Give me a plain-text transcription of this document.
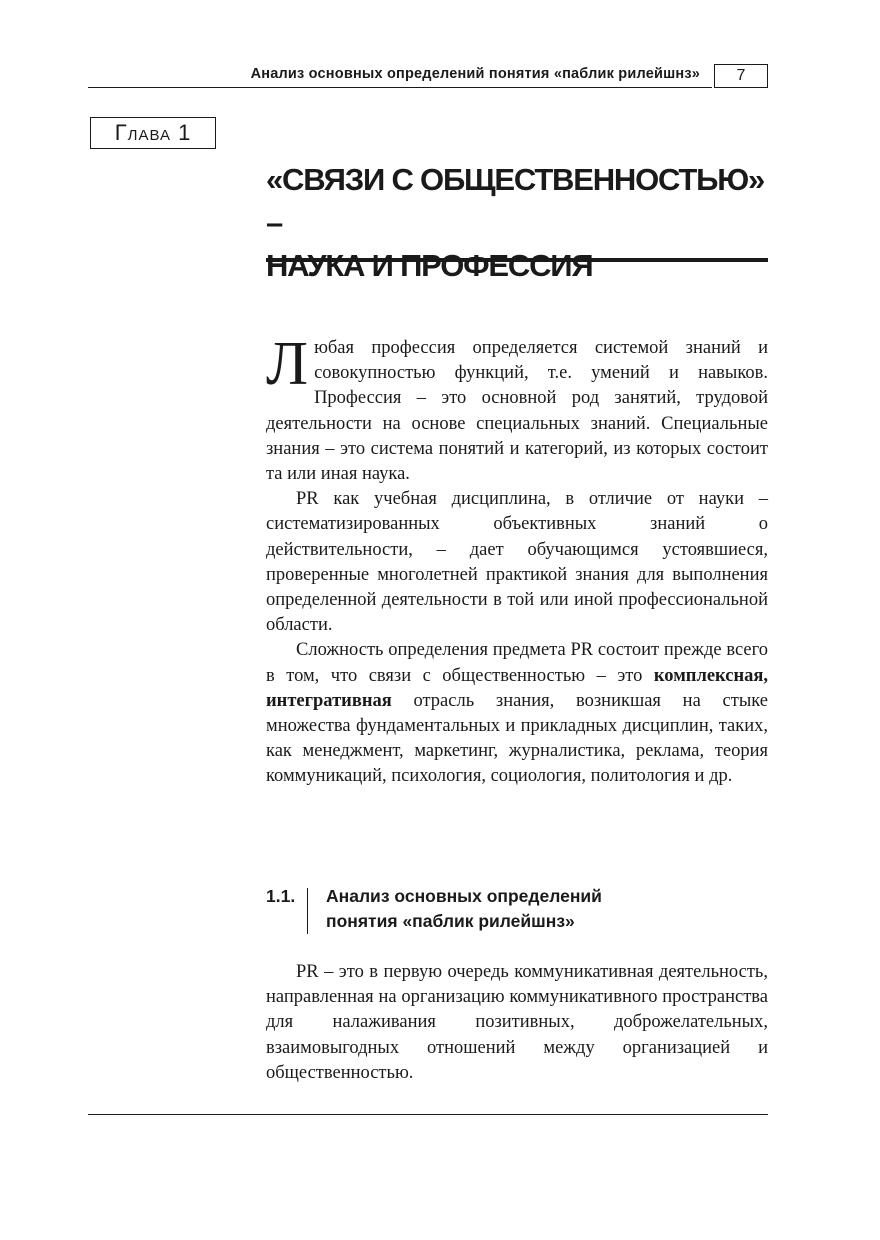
Анализ основных определений понятия «паблик рилейшнз»	7
Глава 1
«СВЯЗИ С ОБЩЕСТВЕННОСТЬЮ» –
НАУКА И ПРОФЕССИЯ

Любая профессия определяется системой знаний и совокупностью функций, т.е. умений и навыков. Профессия – это основной род занятий, трудовой деятельности на основе специальных знаний. Специальные знания – это система понятий и категорий, из которых состоит та или иная наука.

PR как учебная дисциплина, в отличие от науки – систематизированных объективных знаний о действительности, – дает обучающимся устоявшиеся, проверенные многолетней практикой знания для выполнения определенной деятельности в той или иной профессиональной области.

Сложность определения предмета PR состоит прежде всего в том, что связи с общественностью – это комплексная, интегративная отрасль знания, возникшая на стыке множества фундаментальных и прикладных дисциплин, таких, как менеджмент, маркетинг, журналистика, реклама, теория коммуникаций, психология, социология, политология и др.

1.1. Анализ основных определений
понятия «паблик рилейшнз»

PR – это в первую очередь коммуникативная деятельность, направленная на организацию коммуникативного пространства для налаживания позитивных, доброжелательных, взаимовыгодных отношений между организацией и общественностью.
